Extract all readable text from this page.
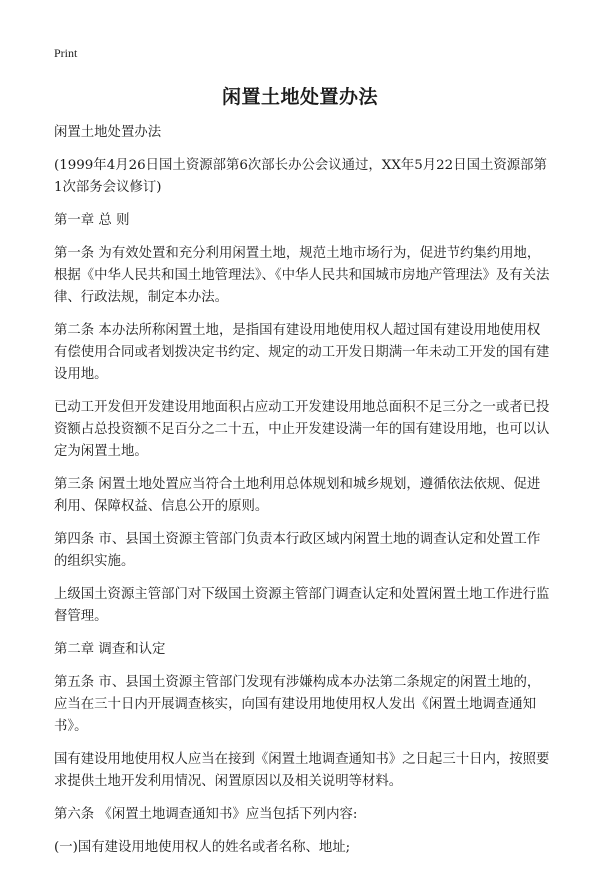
Print
闲置土地处置办法

闲置土地处置办法

(1999年4月26日国土资源部第6次部长办公会议通过，XX年5月22日国土资源部第1次部务会议修订)

第一章 总 则

第一条 为有效处置和充分利用闲置土地，规范土地市场行为，促进节约集约用地，根据《中华人民共和国土地管理法》、《中华人民共和国城市房地产管理法》及有关法律、行政法规，制定本办法。

第二条 本办法所称闲置土地，是指国有建设用地使用权人超过国有建设用地使用权有偿使用合同或者划拨决定书约定、规定的动工开发日期满一年未动工开发的国有建设用地。

已动工开发但开发建设用地面积占应动工开发建设用地总面积不足三分之一或者已投资额占总投资额不足百分之二十五，中止开发建设满一年的国有建设用地，也可以认定为闲置土地。

第三条 闲置土地处置应当符合土地利用总体规划和城乡规划，遵循依法依规、促进利用、保障权益、信息公开的原则。

第四条 市、县国土资源主管部门负责本行政区域内闲置土地的调查认定和处置工作的组织实施。

上级国土资源主管部门对下级国土资源主管部门调查认定和处置闲置土地工作进行监督管理。

第二章 调查和认定

第五条 市、县国土资源主管部门发现有涉嫌构成本办法第二条规定的闲置土地的，应当在三十日内开展调查核实，向国有建设用地使用权人发出《闲置土地调查通知书》。

国有建设用地使用权人应当在接到《闲置土地调查通知书》之日起三十日内，按照要求提供土地开发利用情况、闲置原因以及相关说明等材料。

第六条 《闲置土地调查通知书》应当包括下列内容:

(一)国有建设用地使用权人的姓名或者名称、地址;
